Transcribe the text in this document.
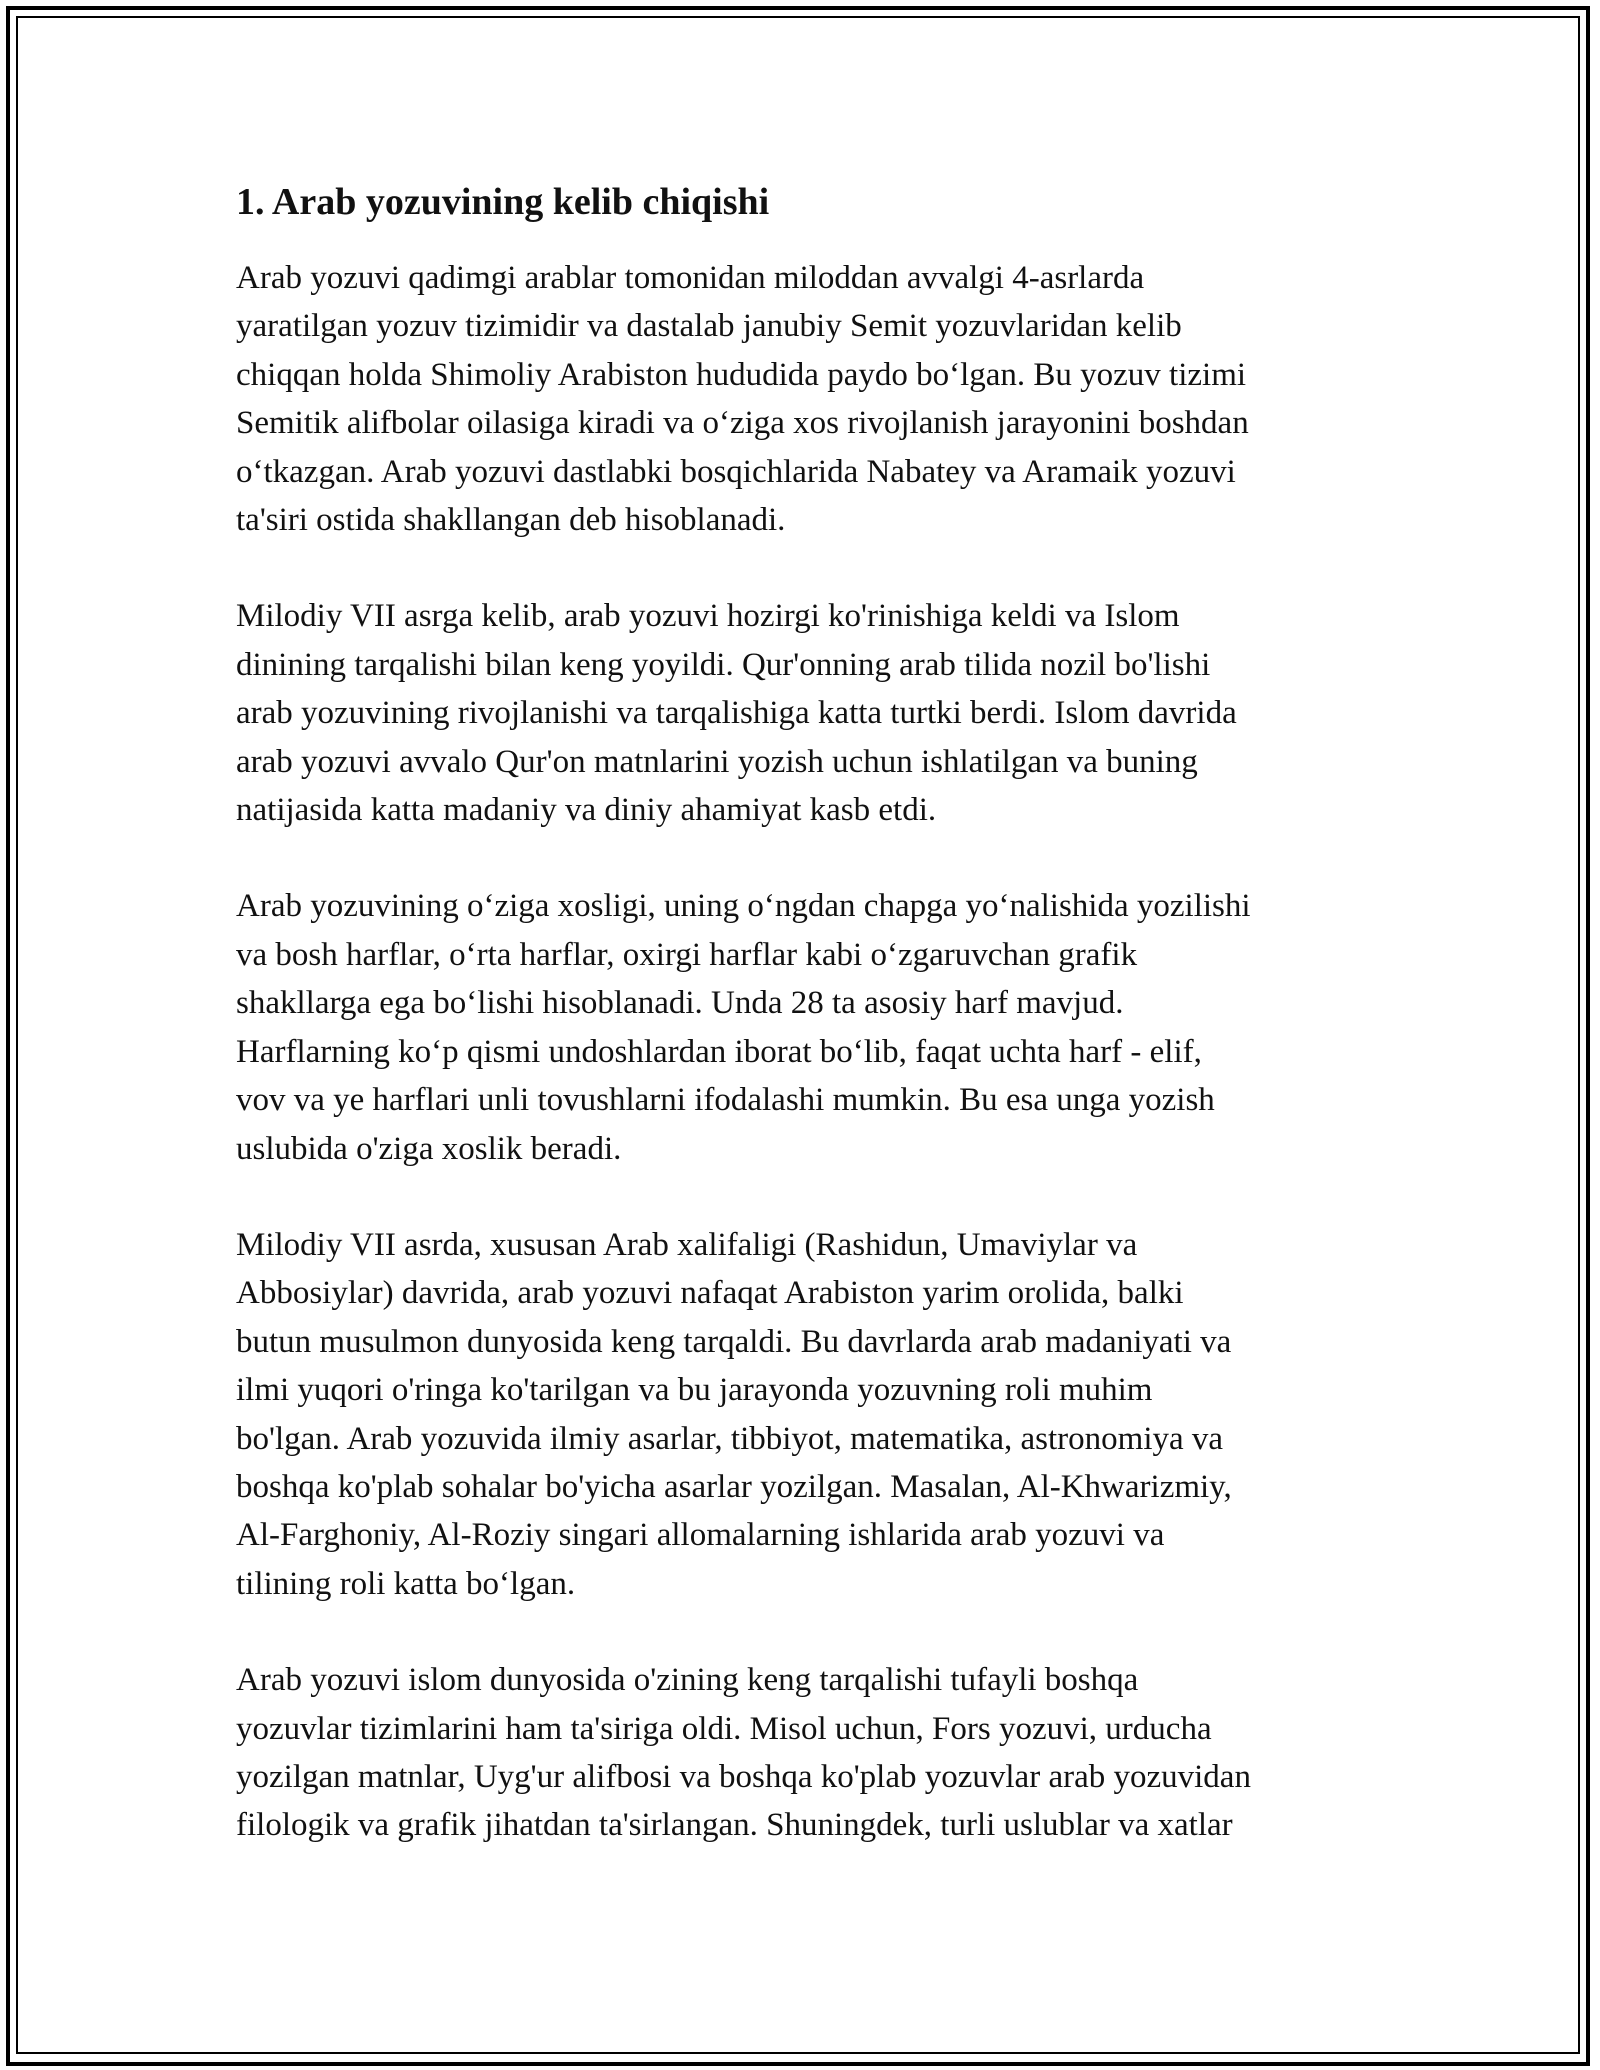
1. Arab yozuvining kelib chiqishi

Arab yozuvi qadimgi arablar tomonidan miloddan avvalgi 4-asrlarda
yaratilgan yozuv tizimidir va dastalab janubiy Semit yozuvlaridan kelib
chiqqan holda Shimoliy Arabiston hududida paydo bo‘lgan. Bu yozuv tizimi
Semitik alifbolar oilasiga kiradi va o‘ziga xos rivojlanish jarayonini boshdan
o‘tkazgan. Arab yozuvi dastlabki bosqichlarida Nabatey va Aramaik yozuvi
ta'siri ostida shakllangan deb hisoblanadi.

Milodiy VII asrga kelib, arab yozuvi hozirgi ko'rinishiga keldi va Islom
dinining tarqalishi bilan keng yoyildi. Qur'onning arab tilida nozil bo'lishi
arab yozuvining rivojlanishi va tarqalishiga katta turtki berdi. Islom davrida
arab yozuvi avvalo Qur'on matnlarini yozish uchun ishlatilgan va buning
natijasida katta madaniy va diniy ahamiyat kasb etdi.

Arab yozuvining o‘ziga xosligi, uning o‘ngdan chapga yo‘nalishida yozilishi
va bosh harflar, o‘rta harflar, oxirgi harflar kabi o‘zgaruvchan grafik
shakllarga ega bo‘lishi hisoblanadi. Unda 28 ta asosiy harf mavjud.
Harflarning ko‘p qismi undoshlardan iborat bo‘lib, faqat uchta harf - elif,
vov va ye harflari unli tovushlarni ifodalashi mumkin. Bu esa unga yozish
uslubida o'ziga xoslik beradi.

Milodiy VII asrda, xususan Arab xalifaligi (Rashidun, Umaviylar va
Abbosiylar) davrida, arab yozuvi nafaqat Arabiston yarim orolida, balki
butun musulmon dunyosida keng tarqaldi. Bu davrlarda arab madaniyati va
ilmi yuqori o'ringa ko'tarilgan va bu jarayonda yozuvning roli muhim
bo'lgan. Arab yozuvida ilmiy asarlar, tibbiyot, matematika, astronomiya va
boshqa ko'plab sohalar bo'yicha asarlar yozilgan. Masalan, Al-Khwarizmiy,
Al-Farghoniy, Al-Roziy singari allomalarning ishlarida arab yozuvi va
tilining roli katta bo‘lgan.

Arab yozuvi islom dunyosida o'zining keng tarqalishi tufayli boshqa
yozuvlar tizimlarini ham ta'siriga oldi. Misol uchun, Fors yozuvi, urducha
yozilgan matnlar, Uyg'ur alifbosi va boshqa ko'plab yozuvlar arab yozuvidan
filologik va grafik jihatdan ta'sirlangan. Shuningdek, turli uslublar va xatlar
